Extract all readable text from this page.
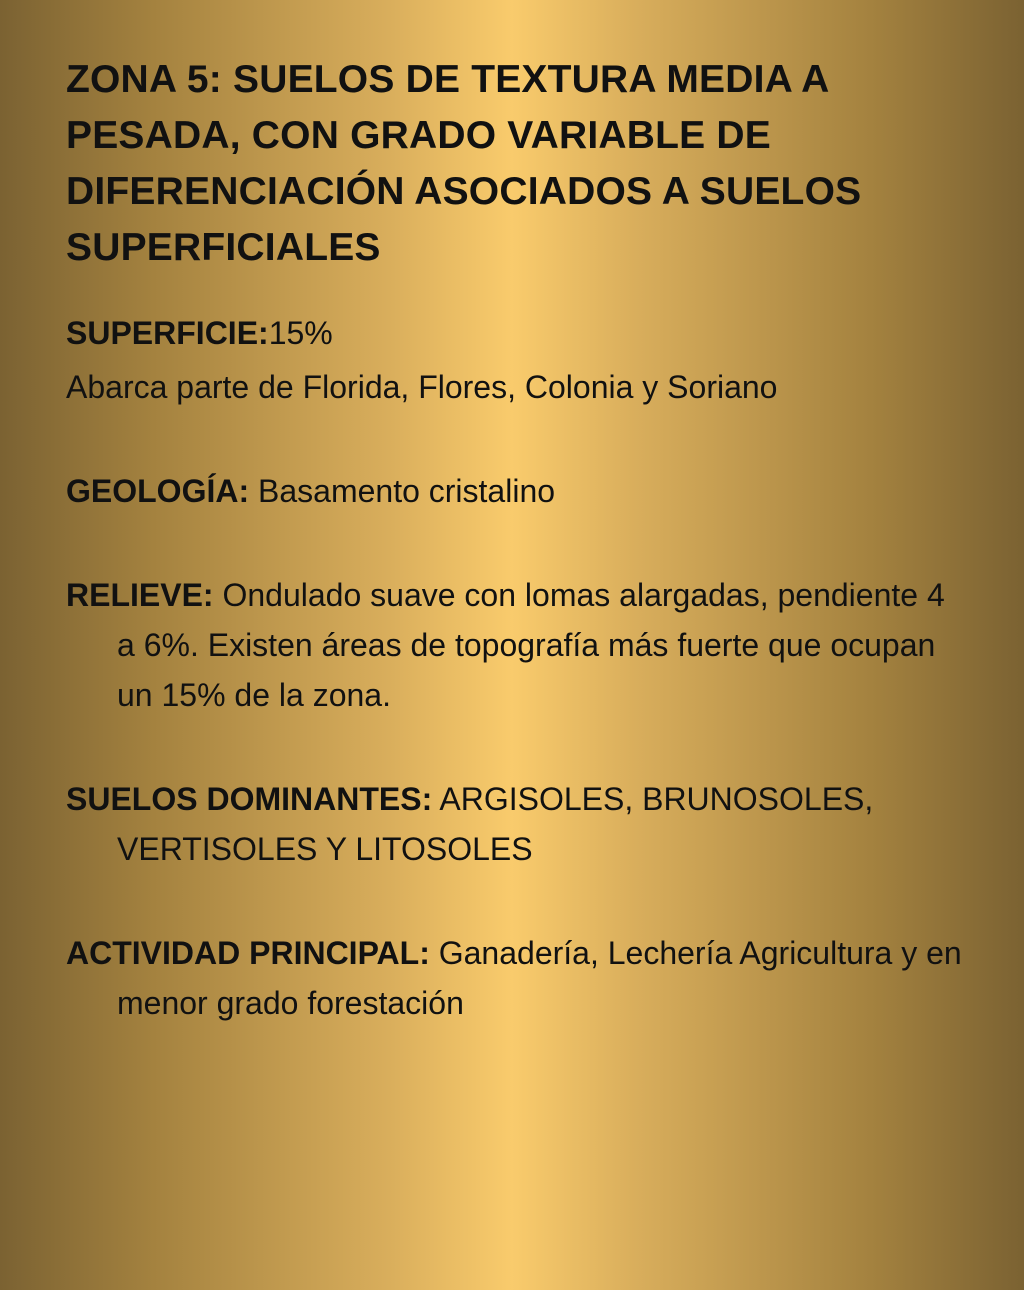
ZONA 5: SUELOS DE TEXTURA MEDIA A PESADA, CON GRADO VARIABLE DE DIFERENCIACIÓN ASOCIADOS A SUELOS SUPERFICIALES

SUPERFICIE:15%

Abarca parte de Florida, Flores, Colonia y Soriano

GEOLOGÍA: Basamento cristalino

RELIEVE: Ondulado suave con lomas alargadas, pendiente 4 a 6%. Existen áreas de topografía más fuerte que ocupan un 15% de la zona.

SUELOS DOMINANTES: ARGISOLES, BRUNOSOLES, VERTISOLES Y LITOSOLES

ACTIVIDAD PRINCIPAL: Ganadería, Lechería Agricultura y en menor grado forestación
